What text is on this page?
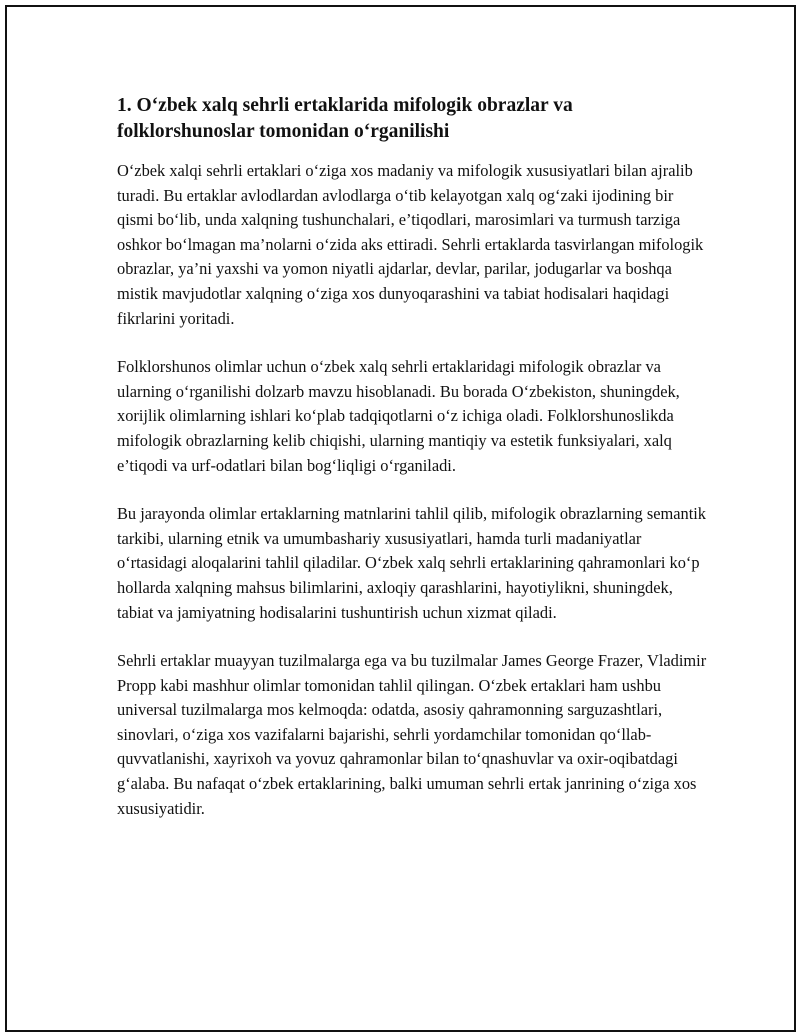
1. O‘zbek xalq sehrli ertaklarida mifologik obrazlar va folklorshunoslar tomonidan o‘rganilishi

O‘zbek xalqi sehrli ertaklari o‘ziga xos madaniy va mifologik xususiyatlari bilan ajralib turadi. Bu ertaklar avlodlardan avlodlarga o‘tib kelayotgan xalq og‘zaki ijodining bir qismi bo‘lib, unda xalqning tushunchalari, e’tiqodlari, marosimlari va turmush tarziga oshkor bo‘lmagan ma’nolarni o‘zida aks ettiradi. Sehrli ertaklarda tasvirlangan mifologik obrazlar, ya’ni yaxshi va yomon niyatli ajdarlar, devlar, parilar, jodugarlar va boshqa mistik mavjudotlar xalqning o‘ziga xos dunyoqarashini va tabiat hodisalari haqidagi fikrlarini yoritadi.

Folklorshunos olimlar uchun o‘zbek xalq sehrli ertaklaridagi mifologik obrazlar va ularning o‘rganilishi dolzarb mavzu hisoblanadi. Bu borada O‘zbekiston, shuningdek, xorijlik olimlarning ishlari ko‘plab tadqiqotlarni o‘z ichiga oladi. Folklorshunoslikda mifologik obrazlarning kelib chiqishi, ularning mantiqiy va estetik funksiyalari, xalq e’tiqodi va urf-odatlari bilan bog‘liqligi o‘rganiladi.

Bu jarayonda olimlar ertaklarning matnlarini tahlil qilib, mifologik obrazlarning semantik tarkibi, ularning etnik va umumbashariy xususiyatlari, hamda turli madaniyatlar o‘rtasidagi aloqalarini tahlil qiladilar. O‘zbek xalq sehrli ertaklarining qahramonlari ko‘p hollarda xalqning mahsus bilimlarini, axloqiy qarashlarini, hayotiylikni, shuningdek, tabiat va jamiyatning hodisalarini tushuntirish uchun xizmat qiladi.

Sehrli ertaklar muayyan tuzilmalarga ega va bu tuzilmalar James George Frazer, Vladimir Propp kabi mashhur olimlar tomonidan tahlil qilingan. O‘zbek ertaklari ham ushbu universal tuzilmalarga mos kelmoqda: odatda, asosiy qahramonning sarguzashtlari, sinovlari, o‘ziga xos vazifalarni bajarishi, sehrli yordamchilar tomonidan qo‘llab-quvvatlanishi, xayrixoh va yovuz qahramonlar bilan to‘qnashuvlar va oxir-oqibatdagi g‘alaba. Bu nafaqat o‘zbek ertaklarining, balki umuman sehrli ertak janrining o‘ziga xos xususiyatidir.
